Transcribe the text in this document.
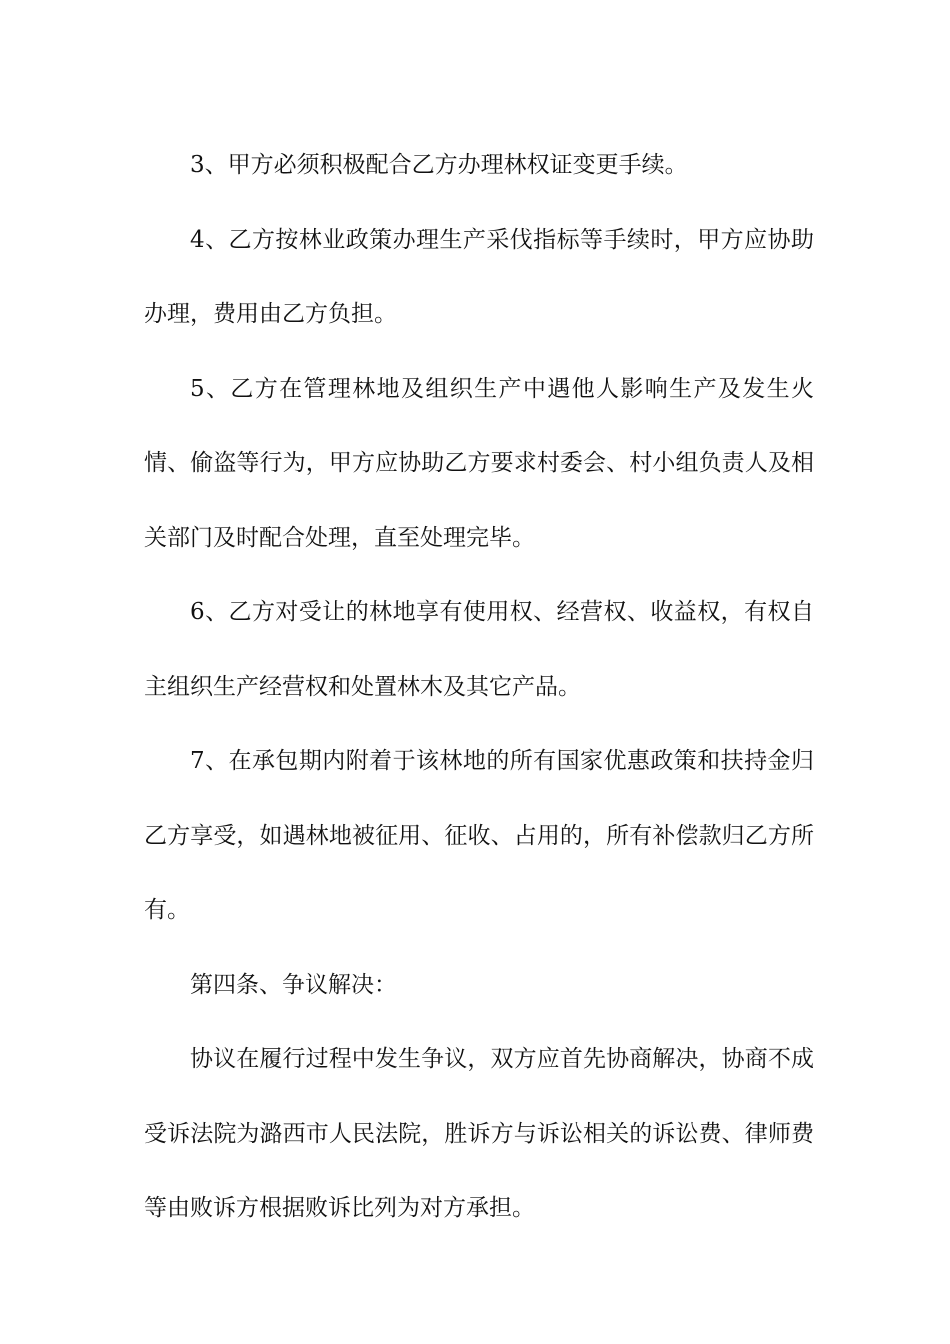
3、甲方必须积极配合乙方办理林权证变更手续。

4、乙方按林业政策办理生产采伐指标等手续时，甲方应协助办理，费用由乙方负担。

5、乙方在管理林地及组织生产中遇他人影响生产及发生火情、偷盗等行为，甲方应协助乙方要求村委会、村小组负责人及相关部门及时配合处理，直至处理完毕。

6、乙方对受让的林地享有使用权、经营权、收益权，有权自主组织生产经营权和处置林木及其它产品。

7、在承包期内附着于该林地的所有国家优惠政策和扶持金归乙方享受，如遇林地被征用、征收、占用的，所有补偿款归乙方所有。

第四条、争议解决：

协议在履行过程中发生争议，双方应首先协商解决，协商不成受诉法院为潞西市人民法院，胜诉方与诉讼相关的诉讼费、律师费等由败诉方根据败诉比列为对方承担。
